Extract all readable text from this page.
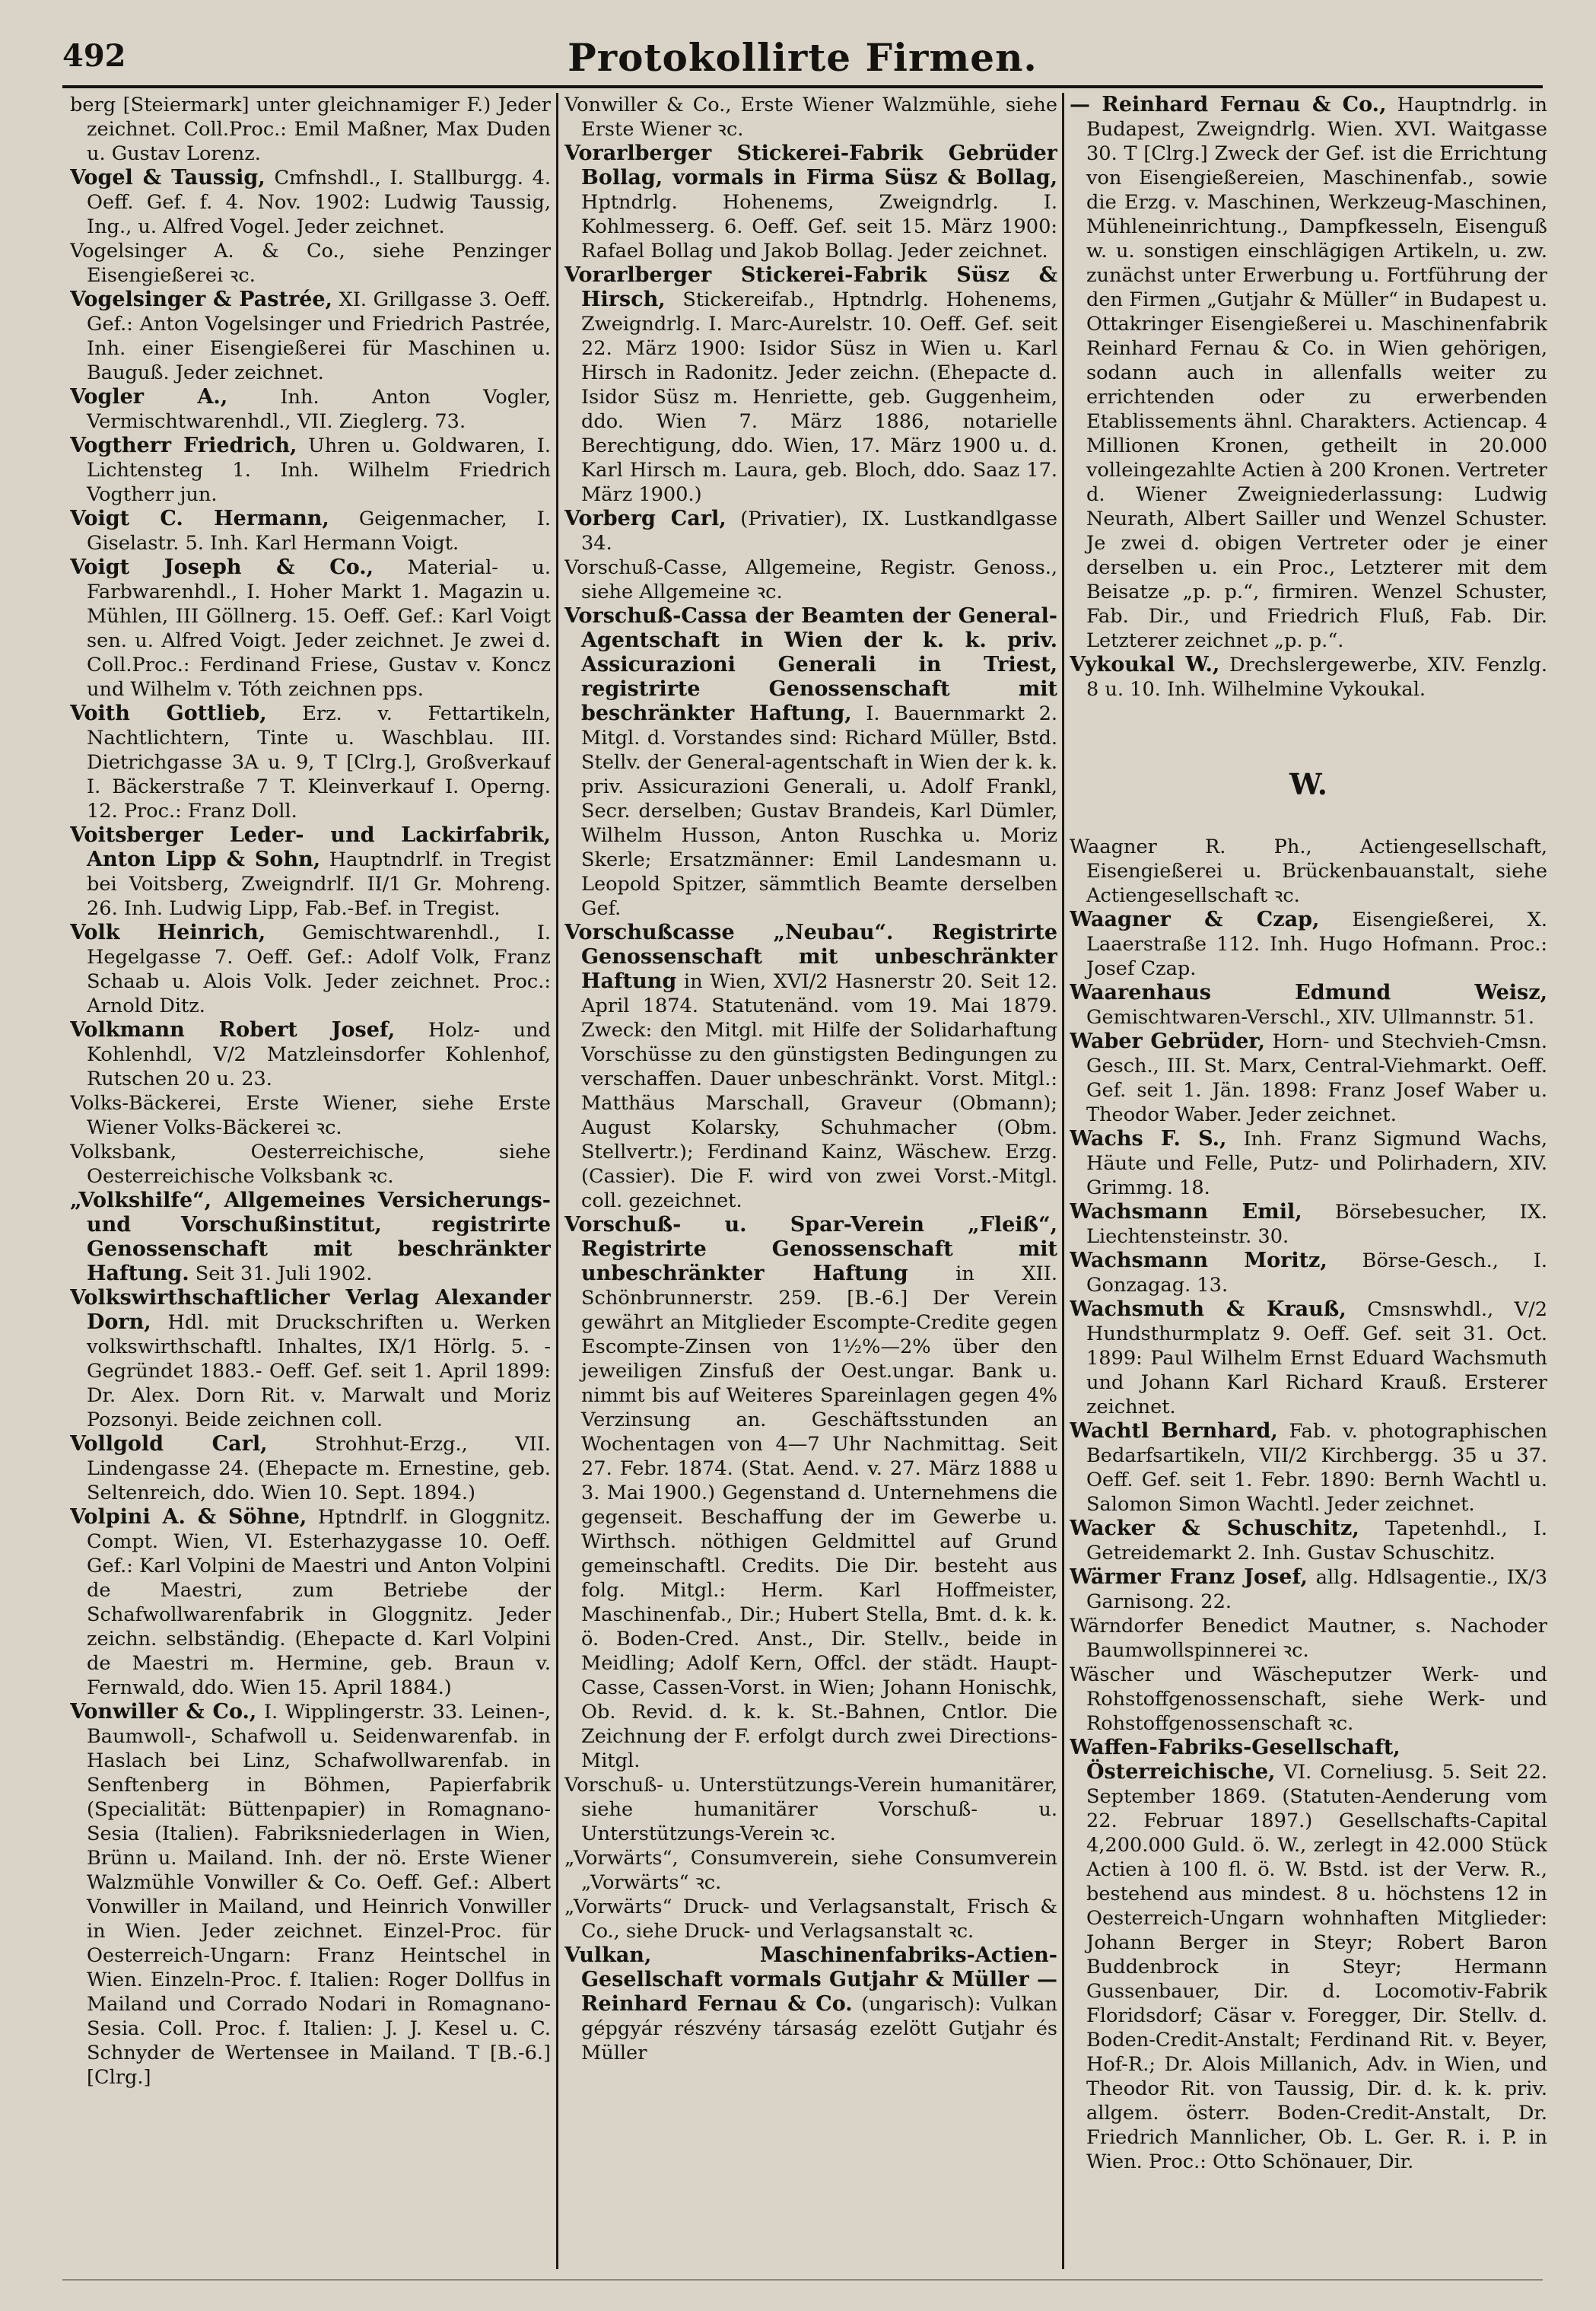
492	Protokollirte Firmen.

berg [Steiermark] unter gleichnamiger F.) Jeder zeichnet. Coll.Proc.: Emil Maßner, Max Duden u. Gustav Lorenz.

Vogel & Taussig, Cmfnshdl., I. Stallburgg. 4. Oeff. Gef. f. 4. Nov. 1902: Ludwig Taussig, Ing., u. Alfred Vogel. Jeder zeichnet.

Vogelsinger A. & Co., siehe Penzinger Eisengießerei ꝛc.

Vogelsinger & Pastrée, XI. Grillgasse 3. Oeff. Gef.: Anton Vogelsinger und Friedrich Pastrée, Inh. einer Eisengießerei für Maschinen u. Bauguß. Jeder zeichnet.

Vogler A., Inh. Anton Vogler, Vermischtwarenhdl., VII. Zieglerg. 73.

Vogtherr Friedrich, Uhren u. Goldwaren, I. Lichtensteg 1. Inh. Wilhelm Friedrich Vogtherr jun.

Voigt C. Hermann, Geigenmacher, I. Giselastr. 5. Inh. Karl Hermann Voigt.

Voigt Joseph & Co., Material- u. Farbwarenhdl., I. Hoher Markt 1. Magazin u. Mühlen, III Göllnerg. 15. Oeff. Gef.: Karl Voigt sen. u. Alfred Voigt. Jeder zeichnet. Je zwei d. Coll.Proc.: Ferdinand Friese, Gustav v. Koncz und Wilhelm v. Tóth zeichnen pps.

Voith Gottlieb, Erz. v. Fettartikeln, Nachtlichtern, Tinte u. Waschblau. III. Dietrichgasse 3A u. 9, T [Clrg.], Großverkauf I. Bäckerstraße 7 T. Kleinverkauf I. Operng. 12. Proc.: Franz Doll.

Voitsberger Leder- und Lackirfabrik, Anton Lipp & Sohn, Hauptndrlf. in Tregist bei Voitsberg, Zweigndrlf. II/1 Gr. Mohreng. 26. Inh. Ludwig Lipp, Fab.-Bef. in Tregist.

Volk Heinrich, Gemischtwarenhdl., I. Hegelgasse 7. Oeff. Gef.: Adolf Volk, Franz Schaab u. Alois Volk. Jeder zeichnet. Proc.: Arnold Ditz.

Volkmann Robert Josef, Holz- und Kohlenhdl, V/2 Matzleinsdorfer Kohlenhof, Rutschen 20 u. 23.

Volks-Bäckerei, Erste Wiener, siehe Erste Wiener Volks-Bäckerei ꝛc.

Volksbank, Oesterreichische, siehe Oesterreichische Volksbank ꝛc.

„Volkshilfe“, Allgemeines Versicherungs- und Vorschußinstitut, registrirte Genossenschaft mit beschränkter Haftung. Seit 31. Juli 1902.

Volkswirthschaftlicher Verlag Alexander Dorn, Hdl. mit Druckschriften u. Werken volkswirthschaftl. Inhaltes, IX/1 Hörlg. 5. -Gegründet 1883.- Oeff. Gef. seit 1. April 1899: Dr. Alex. Dorn Rit. v. Marwalt und Moriz Pozsonyi. Beide zeichnen coll.

Vollgold Carl, Strohhut-Erzg., VII. Lindengasse 24. (Ehepacte m. Ernestine, geb. Seltenreich, ddo. Wien 10. Sept. 1894.)

Volpini A. & Söhne, Hptndrlf. in Gloggnitz. Compt. Wien, VI. Esterhazygasse 10. Oeff. Gef.: Karl Volpini de Maestri und Anton Volpini de Maestri, zum Betriebe der Schafwollwarenfabrik in Gloggnitz. Jeder zeichn. selbständig. (Ehepacte d. Karl Volpini de Maestri m. Hermine, geb. Braun v. Fernwald, ddo. Wien 15. April 1884.)

Vonwiller & Co., I. Wipplingerstr. 33. Leinen-, Baumwoll-, Schafwoll u. Seidenwarenfab. in Haslach bei Linz, Schafwollwarenfab. in Senftenberg in Böhmen, Papierfabrik (Specialität: Büttenpapier) in Romagnano-Sesia (Italien). Fabriksniederlagen in Wien, Brünn u. Mailand. Inh. der nö. Erste Wiener Walzmühle Vonwiller & Co. Oeff. Gef.: Albert Vonwiller in Mailand, und Heinrich Vonwiller in Wien. Jeder zeichnet. Einzel-Proc. für Oesterreich-Ungarn: Franz Heintschel in Wien. Einzeln-Proc. f. Italien: Roger Dollfus in Mailand und Corrado Nodari in Romagnano-Sesia. Coll. Proc. f. Italien: J. J. Kesel u. C. Schnyder de Wertensee in Mailand. T [B.-6.] [Clrg.]

Vonwiller & Co., Erste Wiener Walzmühle, siehe Erste Wiener ꝛc.

Vorarlberger Stickerei-Fabrik Gebrüder Bollag, vormals in Firma Süsz & Bollag, Hptndrlg. Hohenems, Zweigndrlg. I. Kohlmesserg. 6. Oeff. Gef. seit 15. März 1900: Rafael Bollag und Jakob Bollag. Jeder zeichnet.

Vorarlberger Stickerei-Fabrik Süsz & Hirsch, Stickereifab., Hptndrlg. Hohenems, Zweigndrlg. I. Marc-Aurelstr. 10. Oeff. Gef. seit 22. März 1900: Isidor Süsz in Wien u. Karl Hirsch in Radonitz. Jeder zeichn. (Ehepacte d. Isidor Süsz m. Henriette, geb. Guggenheim, ddo. Wien 7. März 1886, notarielle Berechtigung, ddo. Wien, 17. März 1900 u. d. Karl Hirsch m. Laura, geb. Bloch, ddo. Saaz 17. März 1900.)

Vorberg Carl, (Privatier), IX. Lustkandlgasse 34.

Vorschuß-Casse, Allgemeine, Registr. Genoss., siehe Allgemeine ꝛc.

Vorschuß-Cassa der Beamten der General-Agentschaft in Wien der k. k. priv. Assicurazioni Generali in Triest, registrirte Genossenschaft mit beschränkter Haftung, I. Bauernmarkt 2. Mitgl. d. Vorstandes sind: Richard Müller, Bstd. Stellv. der General-agentschaft in Wien der k. k. priv. Assicurazioni Generali, u. Adolf Frankl, Secr. derselben; Gustav Brandeis, Karl Dümler, Wilhelm Husson, Anton Ruschka u. Moriz Skerle; Ersatzmänner: Emil Landesmann u. Leopold Spitzer, sämmtlich Beamte derselben Gef.

Vorschußcasse „Neubau“. Registrirte Genossenschaft mit unbeschränkter Haftung in Wien, XVI/2 Hasnerstr 20. Seit 12. April 1874. Statutenänd. vom 19. Mai 1879. Zweck: den Mitgl. mit Hilfe der Solidarhaftung Vorschüsse zu den günstigsten Bedingungen zu verschaffen. Dauer unbeschränkt. Vorst. Mitgl.: Matthäus Marschall, Graveur (Obmann); August Kolarsky, Schuhmacher (Obm. Stellvertr.); Ferdinand Kainz, Wäschew. Erzg. (Cassier). Die F. wird von zwei Vorst.-Mitgl. coll. gezeichnet.

Vorschuß- u. Spar-Verein „Fleiß“, Registrirte Genossenschaft mit unbeschränkter Haftung in XII. Schönbrunnerstr. 259. [B.-6.] Der Verein gewährt an Mitglieder Escompte-Credite gegen Escompte-Zinsen von 1½%—2% über den jeweiligen Zinsfuß der Oest.ungar. Bank u. nimmt bis auf Weiteres Spareinlagen gegen 4% Verzinsung an. Geschäftsstunden an Wochentagen von 4—7 Uhr Nachmittag. Seit 27. Febr. 1874. (Stat. Aend. v. 27. März 1888 u 3. Mai 1900.) Gegenstand d. Unternehmens die gegenseit. Beschaffung der im Gewerbe u. Wirthsch. nöthigen Geldmittel auf Grund gemeinschaftl. Credits. Die Dir. besteht aus folg. Mitgl.: Herm. Karl Hoffmeister, Maschinenfab., Dir.; Hubert Stella, Bmt. d. k. k. ö. Boden-Cred. Anst., Dir. Stellv., beide in Meidling; Adolf Kern, Offcl. der städt. Haupt-Casse, Cassen-Vorst. in Wien; Johann Honischk, Ob. Revid. d. k. k. St.-Bahnen, Cntlor. Die Zeichnung der F. erfolgt durch zwei Directions-Mitgl.

Vorschuß- u. Unterstützungs-Verein humanitärer, siehe humanitärer Vorschuß- u. Unterstützungs-Verein ꝛc.

„Vorwärts“, Consumverein, siehe Consumverein „Vorwärts“ ꝛc.

„Vorwärts“ Druck- und Verlagsanstalt, Frisch & Co., siehe Druck- und Verlagsanstalt ꝛc.

Vulkan, Maschinenfabriks-Actien-Gesellschaft vormals Gutjahr & Müller — Reinhard Fernau & Co. (ungarisch): Vulkan gépgyár részvény társaság ezelött Gutjahr és Müller

— Reinhard Fernau & Co., Hauptndrlg. in Budapest, Zweigndrlg. Wien. XVI. Waitgasse 30. T [Clrg.] Zweck der Gef. ist die Errichtung von Eisengießereien, Maschinenfab., sowie die Erzg. v. Maschinen, Werkzeug-Maschinen, Mühleneinrichtung., Dampfkesseln, Eisenguß w. u. sonstigen einschlägigen Artikeln, u. zw. zunächst unter Erwerbung u. Fortführung der den Firmen „Gutjahr & Müller“ in Budapest u. Ottakringer Eisengießerei u. Maschinenfabrik Reinhard Fernau & Co. in Wien gehörigen, sodann auch in allenfalls weiter zu errichtenden oder zu erwerbenden Etablissements ähnl. Charakters. Actiencap. 4 Millionen Kronen, getheilt in 20.000 volleingezahlte Actien à 200 Kronen. Vertreter d. Wiener Zweigniederlassung: Ludwig Neurath, Albert Sailler und Wenzel Schuster. Je zwei d. obigen Vertreter oder je einer derselben u. ein Proc., Letzterer mit dem Beisatze „p. p.“, firmiren. Wenzel Schuster, Fab. Dir., und Friedrich Fluß, Fab. Dir. Letzterer zeichnet „p. p.“.

Vykoukal W., Drechslergewerbe, XIV. Fenzlg. 8 u. 10. Inh. Wilhelmine Vykoukal.

W.

Waagner R. Ph., Actiengesellschaft, Eisengießerei u. Brückenbauanstalt, siehe Actiengesellschaft ꝛc.

Waagner & Czap, Eisengießerei, X. Laaerstraße 112. Inh. Hugo Hofmann. Proc.: Josef Czap.

Waarenhaus Edmund Weisz, Gemischtwaren-Verschl., XIV. Ullmannstr. 51.

Waber Gebrüder, Horn- und Stechvieh-Cmsn. Gesch., III. St. Marx, Central-Viehmarkt. Oeff. Gef. seit 1. Jän. 1898: Franz Josef Waber u. Theodor Waber. Jeder zeichnet.

Wachs F. S., Inh. Franz Sigmund Wachs, Häute und Felle, Putz- und Polirhadern, XIV. Grimmg. 18.

Wachsmann Emil, Börsebesucher, IX. Liechtensteinstr. 30.

Wachsmann Moritz, Börse-Gesch., I. Gonzagag. 13.

Wachsmuth & Krauß, Cmsnswhdl., V/2 Hundsthurmplatz 9. Oeff. Gef. seit 31. Oct. 1899: Paul Wilhelm Ernst Eduard Wachsmuth und Johann Karl Richard Krauß. Ersterer zeichnet.

Wachtl Bernhard, Fab. v. photographischen Bedarfsartikeln, VII/2 Kirchbergg. 35 u 37. Oeff. Gef. seit 1. Febr. 1890: Bernh Wachtl u. Salomon Simon Wachtl. Jeder zeichnet.

Wacker & Schuschitz, Tapetenhdl., I. Getreidemarkt 2. Inh. Gustav Schuschitz.

Wärmer Franz Josef, allg. Hdlsagentie., IX/3 Garnisong. 22.

Wärndorfer Benedict Mautner, s. Nachoder Baumwollspinnerei ꝛc.

Wäscher und Wäscheputzer Werk- und Rohstoffgenossenschaft, siehe Werk- und Rohstoffgenossenschaft ꝛc.

Waffen-Fabriks-Gesellschaft, Österreichische, VI. Corneliusg. 5. Seit 22. September 1869. (Statuten-Aenderung vom 22. Februar 1897.) Gesellschafts-Capital 4,200.000 Guld. ö. W., zerlegt in 42.000 Stück Actien à 100 fl. ö. W. Bstd. ist der Verw. R., bestehend aus mindest. 8 u. höchstens 12 in Oesterreich-Ungarn wohnhaften Mitglieder: Johann Berger in Steyr; Robert Baron Buddenbrock in Steyr; Hermann Gussenbauer, Dir. d. Locomotiv-Fabrik Floridsdorf; Cäsar v. Foregger, Dir. Stellv. d. Boden-Credit-Anstalt; Ferdinand Rit. v. Beyer, Hof-R.; Dr. Alois Millanich, Adv. in Wien, und Theodor Rit. von Taussig, Dir. d. k. k. priv. allgem. österr. Boden-Credit-Anstalt, Dr. Friedrich Mannlicher, Ob. L. Ger. R. i. P. in Wien. Proc.: Otto Schönauer, Dir.
